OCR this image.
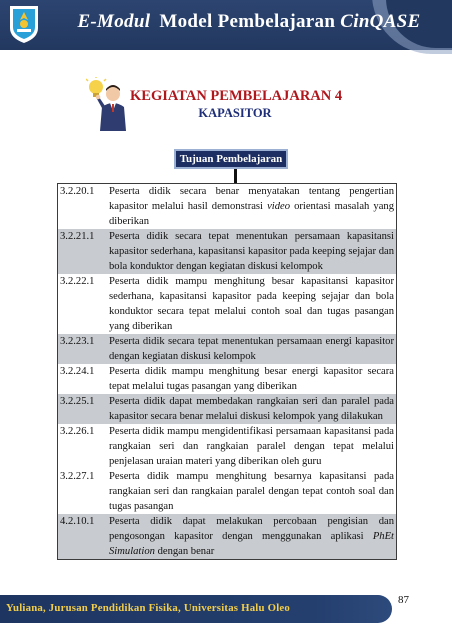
E-Modul Model Pembelajaran CinQASE
KEGIATAN PEMBELAJARAN 4
KAPASITOR
Tujuan Pembelajaran
3.2.20.1	Peserta didik secara benar menyatakan tentang pengertian kapasitor melalui hasil demonstrasi video orientasi masalah yang diberikan
3.2.21.1	Peserta didik secara tepat menentukan persamaan kapasitansi kapasitor sederhana, kapasitansi kapasitor pada keeping sejajar dan bola konduktor dengan kegiatan diskusi kelompok
3.2.22.1	Peserta didik mampu menghitung besar kapasitansi kapasitor sederhana, kapasitansi kapasitor pada keeping sejajar dan bola konduktor secara tepat melalui contoh soal dan tugas pasangan yang diberikan
3.2.23.1	Peserta didik secara tepat menentukan persamaan energi kapasitor dengan kegiatan diskusi kelompok
3.2.24.1	Peserta didik mampu menghitung besar energi kapasitor secara tepat melalui tugas pasangan yang diberikan
3.2.25.1	Peserta didik dapat membedakan rangkaian seri dan paralel pada kapasitor secara benar melalui diskusi kelompok yang dilakukan
3.2.26.1	Peserta didik mampu mengidentifikasi persamaan kapasitansi pada rangkaian seri dan rangkaian paralel dengan tepat melalui penjelasan uraian materi yang diberikan oleh guru
3.2.27.1	Peserta didik mampu menghitung besarnya kapasitansi pada rangkaian seri dan rangkaian paralel dengan tepat contoh soal dan tugas pasangan
4.2.10.1	Peserta didik dapat melakukan percobaan pengisian dan pengosongan kapasitor dengan menggunakan aplikasi PhEt Simulation dengan benar
87
Yuliana, Jurusan Pendidikan Fisika, Universitas Halu Oleo
